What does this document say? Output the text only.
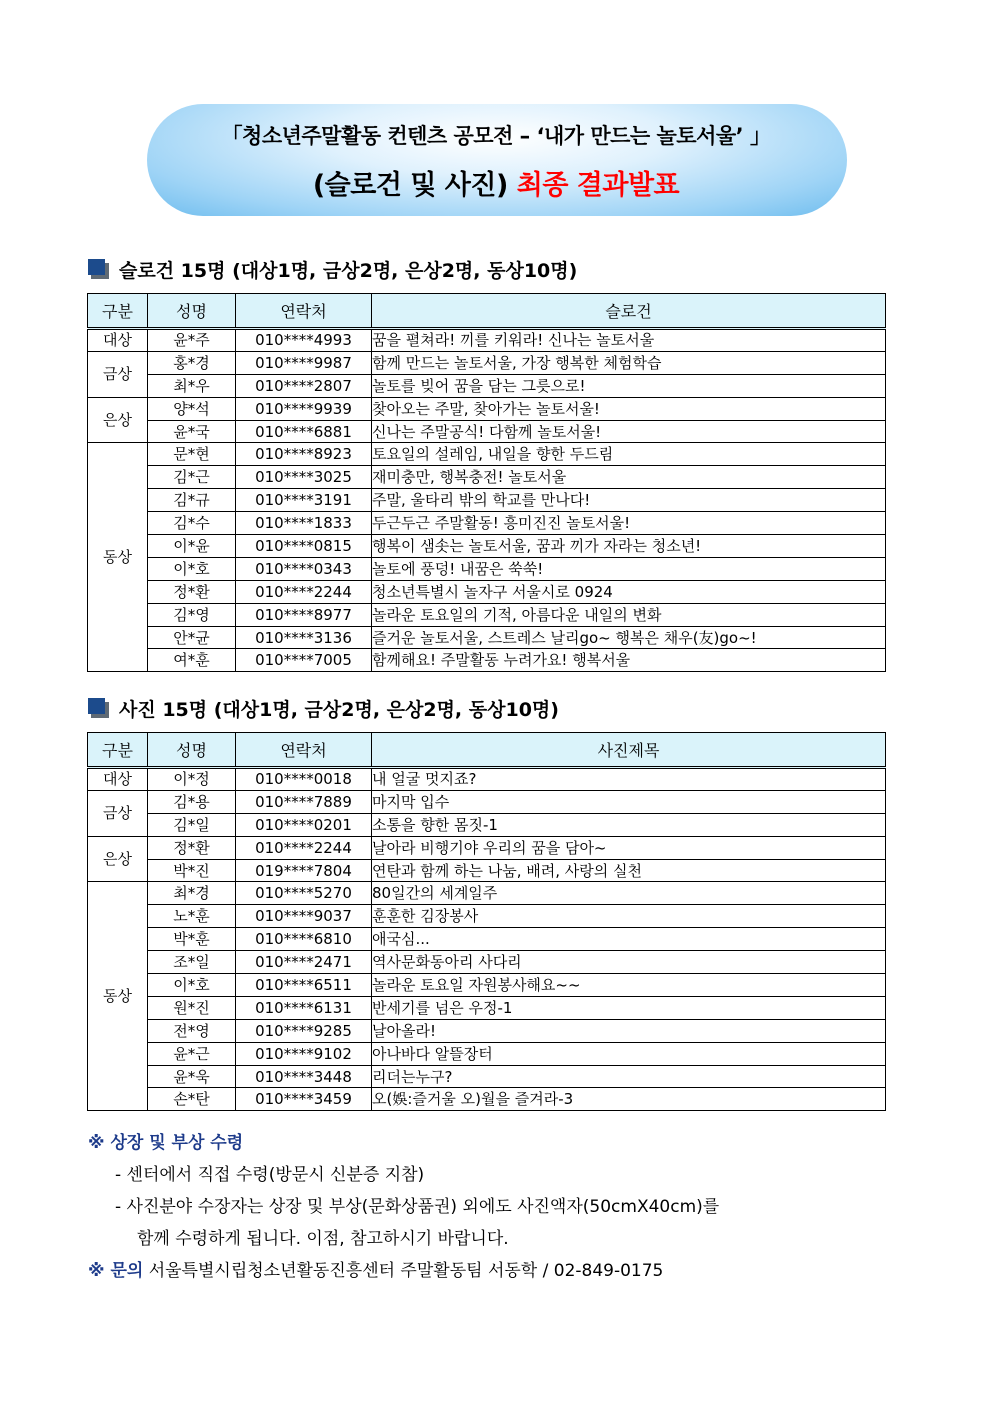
「청소년주말활동 컨텐츠 공모전 – ‘내가 만드는 놀토서울’ 」
(슬로건 및 사진) 최종 결과발표
슬로건 15명 (대상1명, 금상2명, 은상2명, 동상10명)
구분	성명	연락처	슬로건
대상	윤*주	010****4993	꿈을 펼쳐라! 끼를 키워라! 신나는 놀토서울
금상	홍*경	010****9987	함께 만드는 놀토서울, 가장 행복한 체험학습
	최*우	010****2807	놀토를 빚어 꿈을 담는 그릇으로!
은상	양*석	010****9939	찾아오는 주말, 찾아가는 놀토서울!
	윤*국	010****6881	신나는 주말공식! 다함께 놀토서울!
동상	문*현	010****8923	토요일의 설레임, 내일을 향한 두드림
	김*근	010****3025	재미충만, 행복충전! 놀토서울
	김*규	010****3191	주말, 울타리 밖의 학교를 만나다!
	김*수	010****1833	두근두근 주말활동! 흥미진진 놀토서울!
	이*윤	010****0815	행복이 샘솟는 놀토서울, 꿈과 끼가 자라는 청소년!
	이*호	010****0343	놀토에 풍덩! 내꿈은 쑥쑥!
	정*환	010****2244	청소년특별시 놀자구 서울시로 0924
	김*영	010****8977	놀라운 토요일의 기적, 아름다운 내일의 변화
	안*균	010****3136	즐거운 놀토서울, 스트레스 날리go~ 행복은 채우(友)go~!
	여*훈	010****7005	함께해요! 주말활동 누려가요! 행복서울
사진 15명 (대상1명, 금상2명, 은상2명, 동상10명)
구분	성명	연락처	사진제목
대상	이*정	010****0018	내 얼굴 멋지죠?
금상	김*용	010****7889	마지막 입수
	김*일	010****0201	소통을 향한 몸짓-1
은상	정*환	010****2244	날아라 비행기야 우리의 꿈을 담아~
	박*진	019****7804	연탄과 함께 하는 나눔, 배려, 사랑의 실천
동상	최*경	010****5270	80일간의 세계일주
	노*훈	010****9037	훈훈한 김장봉사
	박*훈	010****6810	애국심...
	조*일	010****2471	역사문화동아리 사다리
	이*호	010****6511	놀라운 토요일 자원봉사해요~~
	원*진	010****6131	반세기를 넘은 우정-1
	전*영	010****9285	날아올라!
	윤*근	010****9102	아나바다 알뜰장터
	윤*욱	010****3448	리더는누구?
	손*탄	010****3459	오(娛:즐거울 오)월을 즐겨라-3
※ 상장 및 부상 수령
- 센터에서 직접 수령(방문시 신분증 지참)
- 사진분야 수장자는 상장 및 부상(문화상품권) 외에도 사진액자(50cmX40cm)를
함께 수령하게 됩니다. 이점, 참고하시기 바랍니다.
※ 문의 서울특별시립청소년활동진흥센터 주말활동팀 서동학 / 02-849-0175
